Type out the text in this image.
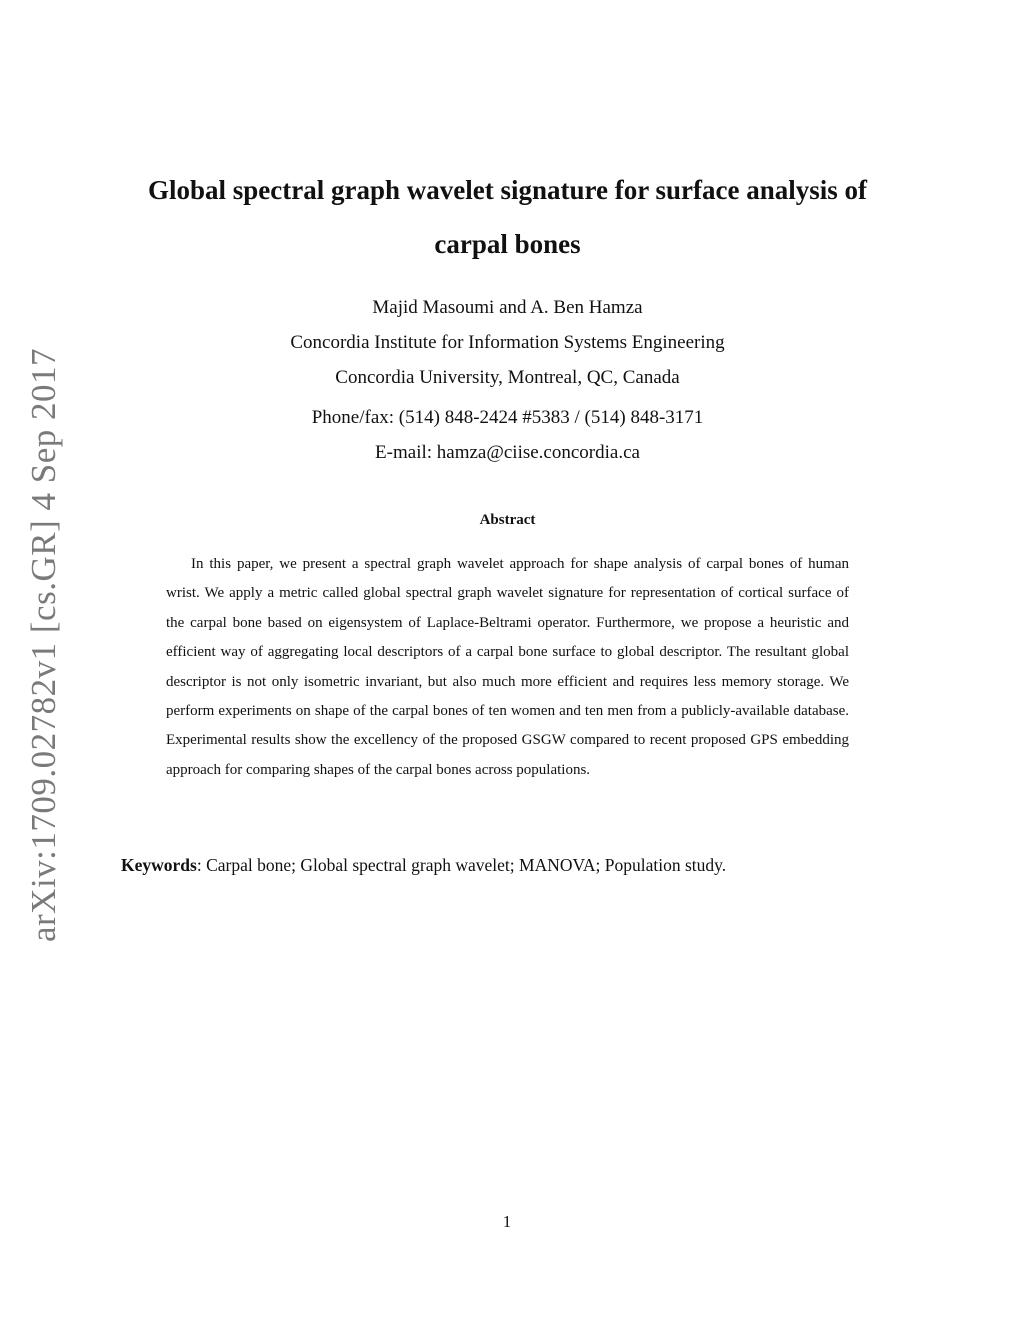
arXiv:1709.02782v1 [cs.GR] 4 Sep 2017
Global spectral graph wavelet signature for surface analysis of
carpal bones
Majid Masoumi and A. Ben Hamza
Concordia Institute for Information Systems Engineering
Concordia University, Montreal, QC, Canada
Phone/fax: (514) 848-2424 #5383 / (514) 848-3171
E-mail: hamza@ciise.concordia.ca
Abstract

In this paper, we present a spectral graph wavelet approach for shape analysis of carpal bones of human wrist. We apply a metric called global spectral graph wavelet signature for representation of cortical surface of the carpal bone based on eigensystem of Laplace-Beltrami operator. Furthermore, we propose a heuristic and efficient way of aggregating local descriptors of a carpal bone surface to global descriptor. The resultant global descriptor is not only isometric invariant, but also much more efficient and requires less memory storage. We perform experiments on shape of the carpal bones of ten women and ten men from a publicly-available database. Experimental results show the excellency of the proposed GSGW compared to recent proposed GPS embedding approach for comparing shapes of the carpal bones across populations.

Keywords: Carpal bone; Global spectral graph wavelet; MANOVA; Population study.
1
